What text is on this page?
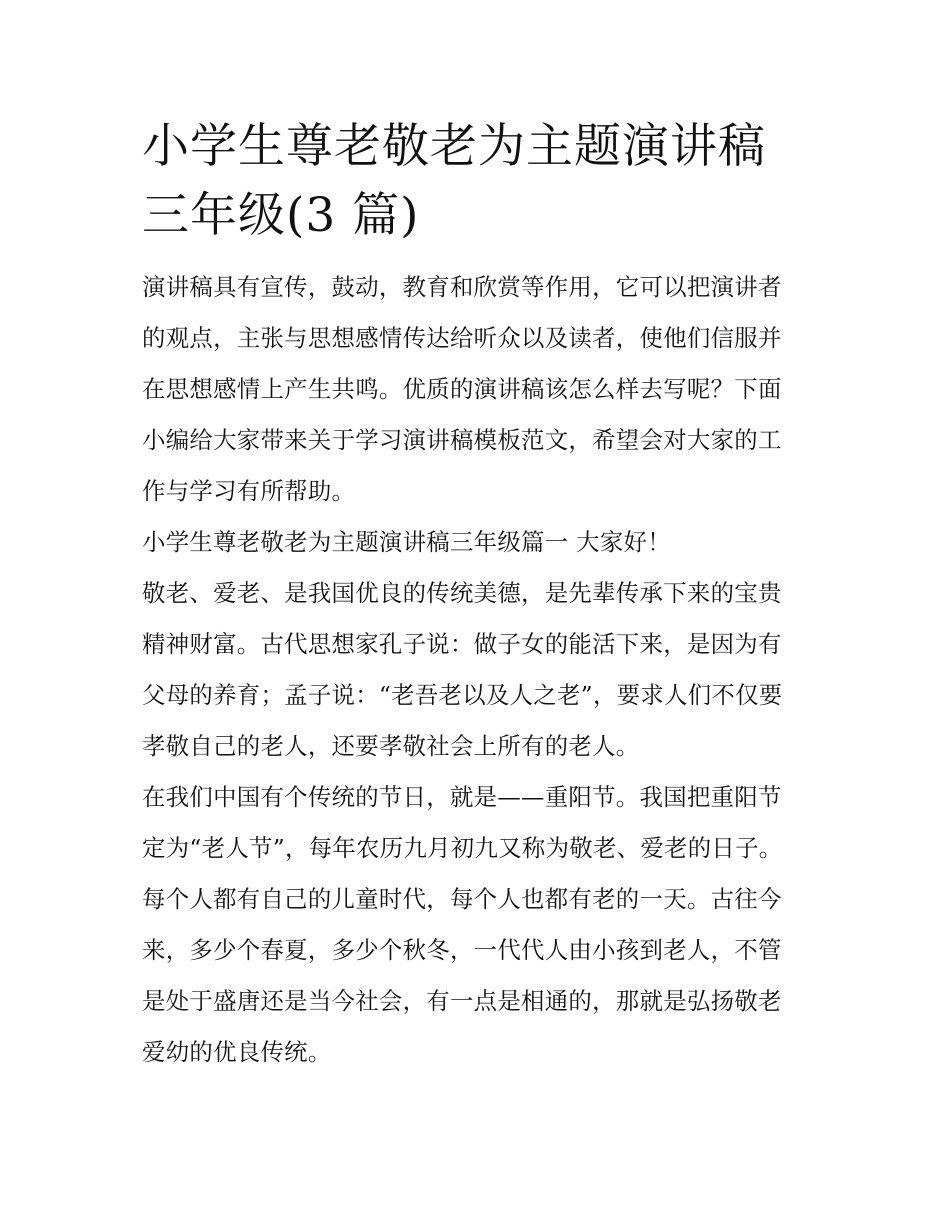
小学生尊老敬老为主题演讲稿
三年级(3 篇)
演讲稿具有宣传，鼓动，教育和欣赏等作用，它可以把演讲者
的观点，主张与思想感情传达给听众以及读者，使他们信服并
在思想感情上产生共鸣。优质的演讲稿该怎么样去写呢？下面
小编给大家带来关于学习演讲稿模板范文，希望会对大家的工
作与学习有所帮助。
小学生尊老敬老为主题演讲稿三年级篇一 大家好！
敬老、爱老、是我国优良的传统美德，是先辈传承下来的宝贵
精神财富。古代思想家孔子说：做子女的能活下来，是因为有
父母的养育；孟子说：“老吾老以及人之老”，要求人们不仅要
孝敬自己的老人，还要孝敬社会上所有的老人。
在我们中国有个传统的节日，就是——重阳节。我国把重阳节
定为“老人节”，每年农历九月初九又称为敬老、爱老的日子。
每个人都有自己的儿童时代，每个人也都有老的一天。古往今
来，多少个春夏，多少个秋冬，一代代人由小孩到老人，不管
是处于盛唐还是当今社会，有一点是相通的，那就是弘扬敬老
爱幼的优良传统。
